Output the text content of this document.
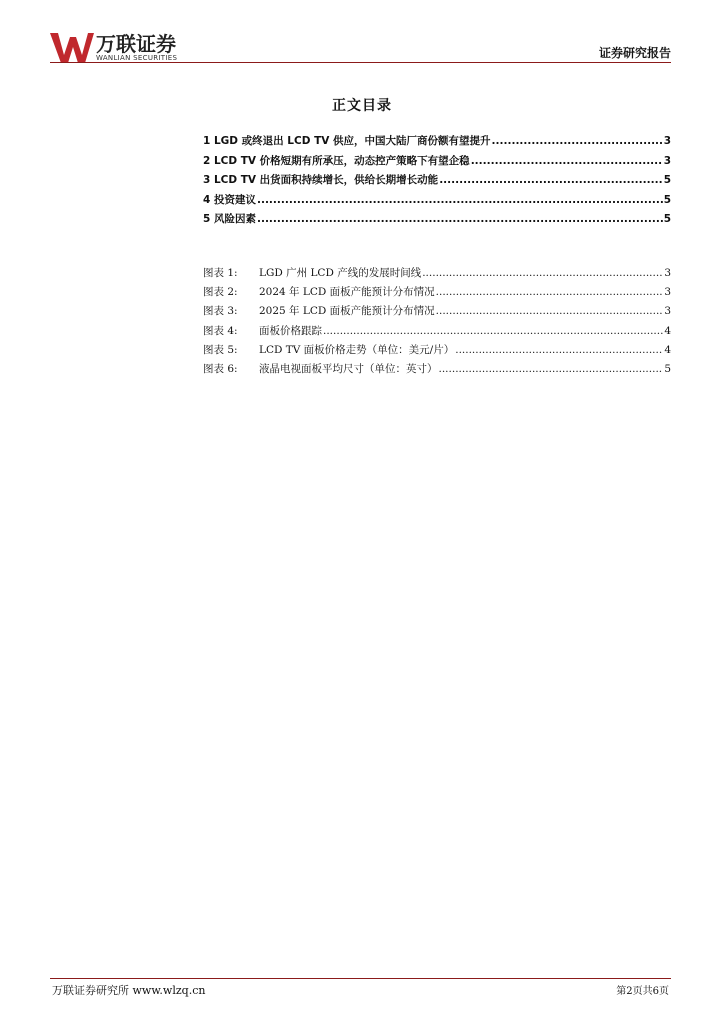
万联证券
WANLIAN SECURITIES	证券研究报告
正文目录
1 LGD 或终退出 LCD TV 供应，中国大陆厂商份额有望提升 .....	3
2 LCD TV 价格短期有所承压，动态控产策略下有望企稳 .....	3
3 LCD TV 出货面积持续增长，供给长期增长动能 .....	5
4 投资建议 .....	5
5 风险因素 .....	5
图表 1:	LGD 广州 LCD 产线的发展时间线 .....	3
图表 2:	2024 年 LCD 面板产能预计分布情况 .....	3
图表 3:	2025 年 LCD 面板产能预计分布情况 .....	3
图表 4:	面板价格跟踪 .....	4
图表 5:	LCD TV 面板价格走势（单位：美元/片） .....	4
图表 6:	液晶电视面板平均尺寸（单位：英寸） .....	5
万联证券研究所 www.wlzq.cn	第2页共6页
